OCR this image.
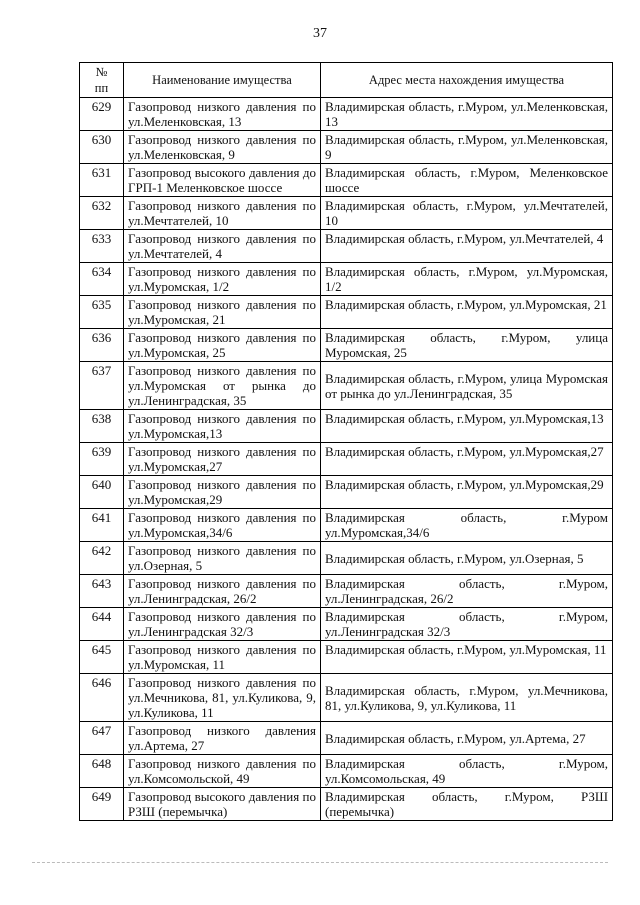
37
№
пп	Наименование имущества	Адрес места нахождения имущества
629	Газопровод низкого давления по ул.Меленковская, 13	Владимирская область, г.Муром, ул.Меленковская, 13
630	Газопровод низкого давления по ул.Меленковская, 9	Владимирская область, г.Муром, ул.Меленковская, 9
631	Газопровод высокого давления до ГРП-1 Меленковское шоссе	Владимирская область, г.Муром, Меленковское шоссе
632	Газопровод низкого давления по ул.Мечтателей, 10	Владимирская область, г.Муром, ул.Мечтателей, 10
633	Газопровод низкого давления по ул.Мечтателей, 4	Владимирская область, г.Муром, ул.Мечтателей, 4
634	Газопровод низкого давления по ул.Муромская, 1/2	Владимирская область, г.Муром, ул.Муромская, 1/2
635	Газопровод низкого давления по ул.Муромская, 21	Владимирская область, г.Муром, ул.Муромская, 21
636	Газопровод низкого давления по ул.Муромская, 25	Владимирская область, г.Муром, улица Муромская, 25
637	Газопровод низкого давления по ул.Муромская от рынка до ул.Ленинградская, 35	Владимирская область, г.Муром, улица Муромская от рынка до ул.Ленинградская, 35
638	Газопровод низкого давления по ул.Муромская,13	Владимирская область, г.Муром, ул.Муромская,13
639	Газопровод низкого давления по ул.Муромская,27	Владимирская область, г.Муром, ул.Муромская,27
640	Газопровод низкого давления по ул.Муромская,29	Владимирская область, г.Муром, ул.Муромская,29
641	Газопровод низкого давления по ул.Муромская,34/6	Владимирская область, г.Муром ул.Муромская,34/6
642	Газопровод низкого давления по ул.Озерная, 5	Владимирская область, г.Муром, ул.Озерная, 5
643	Газопровод низкого давления по ул.Ленинградская, 26/2	Владимирская область, г.Муром, ул.Ленинградская, 26/2
644	Газопровод низкого давления по ул.Ленинградская 32/3	Владимирская область, г.Муром, ул.Ленинградская 32/3
645	Газопровод низкого давления по ул.Муромская, 11	Владимирская область, г.Муром, ул.Муромская, 11
646	Газопровод низкого давления по ул.Мечникова, 81, ул.Куликова, 9, ул.Куликова, 11	Владимирская область, г.Муром, ул.Мечникова, 81, ул.Куликова, 9, ул.Куликова, 11
647	Газопровод низкого давления ул.Артема, 27	Владимирская область, г.Муром, ул.Артема, 27
648	Газопровод низкого давления по ул.Комсомольской, 49	Владимирская область, г.Муром, ул.Комсомольская, 49
649	Газопровод высокого давления по РЗШ (перемычка)	Владимирская область, г.Муром, РЗШ (перемычка)
